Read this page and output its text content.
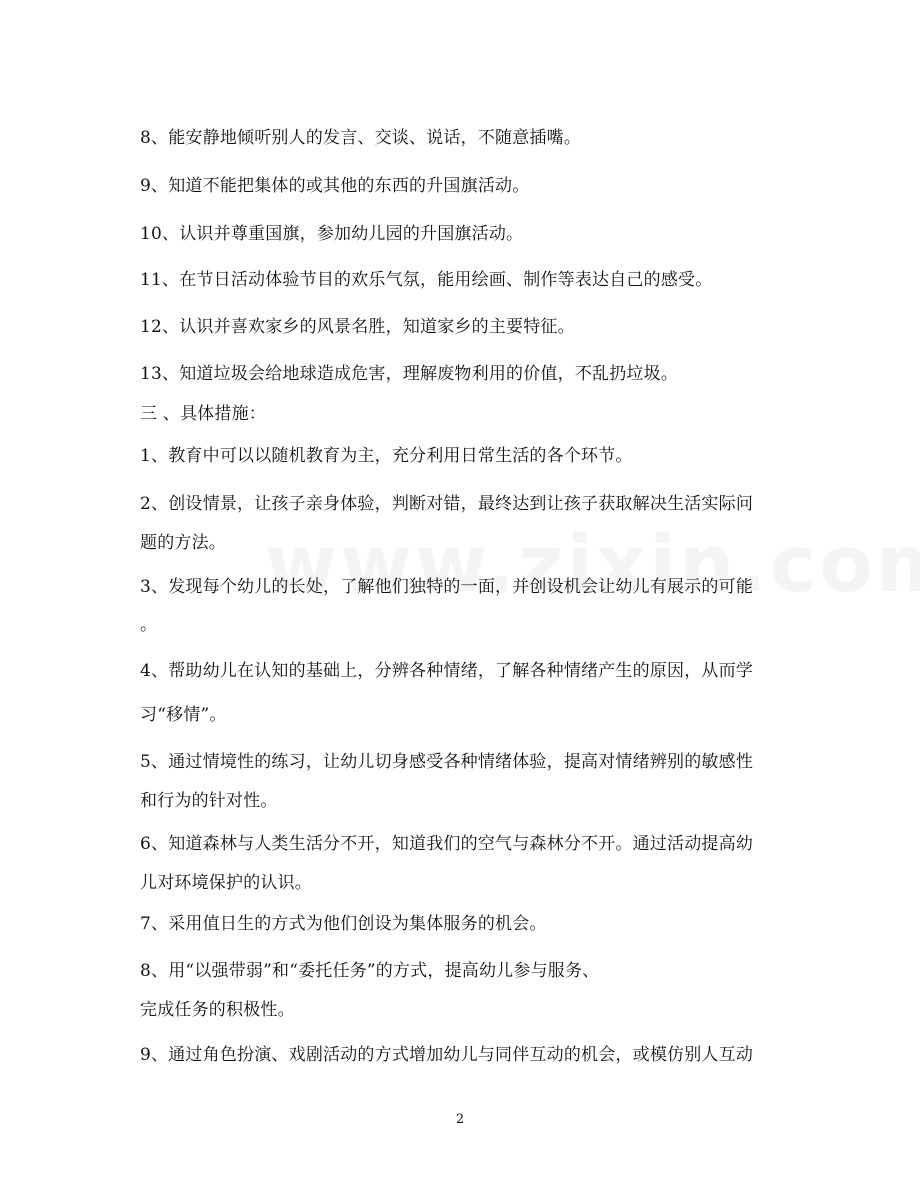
8、能安静地倾听别人的发言、交谈、说话，不随意插嘴。
9、知道不能把集体的或其他的东西的升国旗活动。
10、认识并尊重国旗，参加幼儿园的升国旗活动。
11、在节日活动体验节目的欢乐气氛，能用绘画、制作等表达自己的感受。
12、认识并喜欢家乡的风景名胜，知道家乡的主要特征。
13、知道垃圾会给地球造成危害，理解废物利用的价值，不乱扔垃圾。
三 、具体措施：
1、教育中可以以随机教育为主，充分利用日常生活的各个环节。
2、创设情景，让孩子亲身体验，判断对错，最终达到让孩子获取解决生活实际问
题的方法。
3、发现每个幼儿的长处，了解他们独特的一面，并创设机会让幼儿有展示的可能
。
4、帮助幼儿在认知的基础上，分辨各种情绪，了解各种情绪产生的原因，从而学
习“移情”。
5、通过情境性的练习，让幼儿切身感受各种情绪体验，提高对情绪辨别的敏感性
和行为的针对性。
6、知道森林与人类生活分不开，知道我们的空气与森林分不开。通过活动提高幼
儿对环境保护的认识。
7、采用值日生的方式为他们创设为集体服务的机会。
8、用“以强带弱”和“委托任务”的方式，提高幼儿参与服务、
完成任务的积极性。
9、通过角色扮演、戏剧活动的方式增加幼儿与同伴互动的机会，或模仿别人互动
2
